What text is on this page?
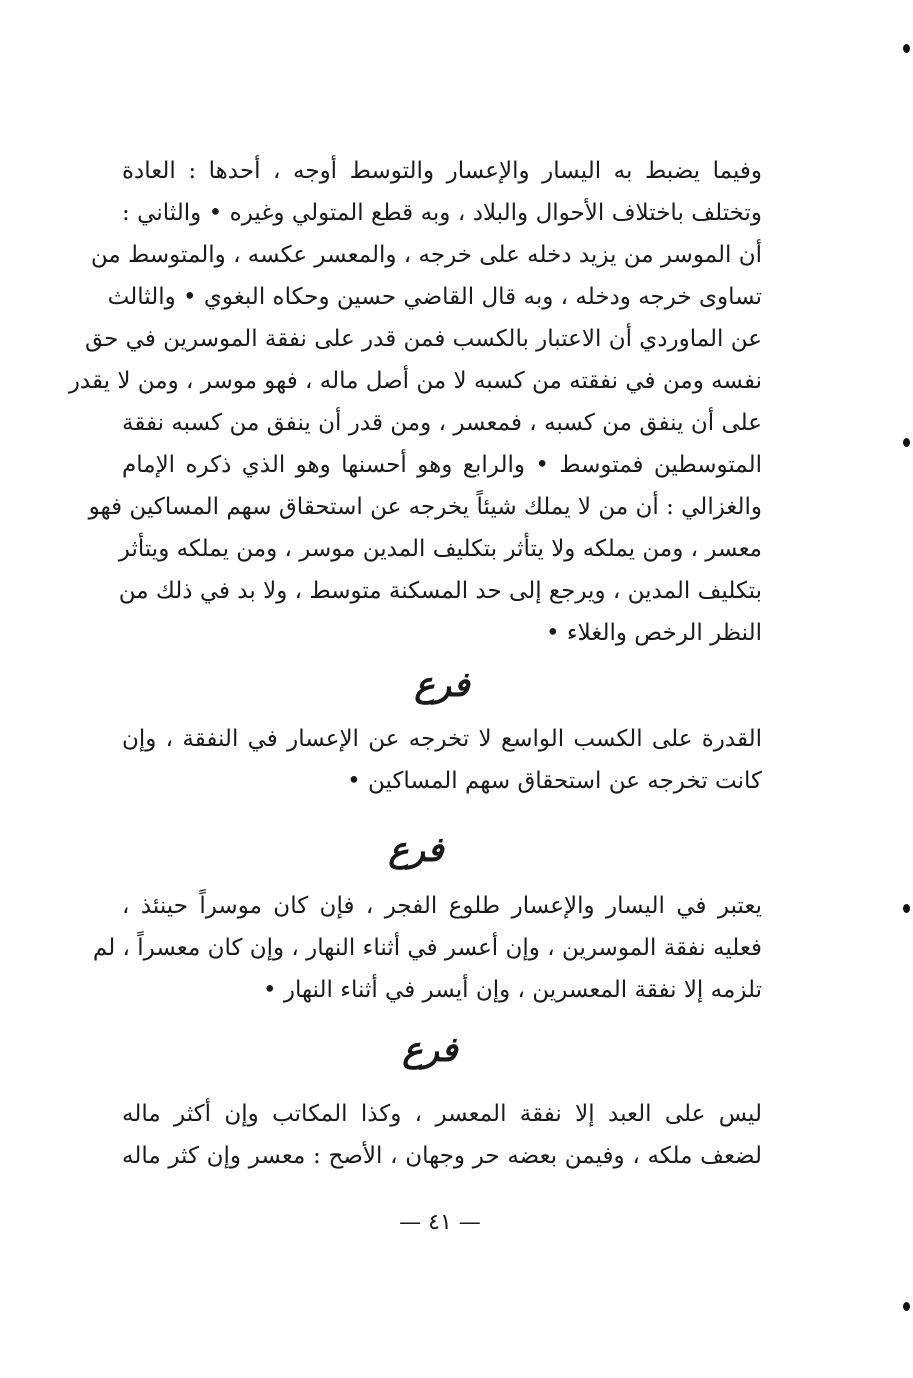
وفيما يضبط به اليسار والإعسار والتوسط أوجه ، أحدها : العادة
وتختلف باختلاف الأحوال والبلاد ، وبه قطع المتولي وغيره • والثاني :
أن الموسر من يزيد دخله على خرجه ، والمعسر عكسه ، والمتوسط من
تساوى خرجه ودخله ، وبه قال القاضي حسين وحكاه البغوي • والثالث
عن الماوردي أن الاعتبار بالكسب فمن قدر على نفقة الموسرين في حق
نفسه ومن في نفقته من كسبه لا من أصل ماله ، فهو موسر ، ومن لا يقدر
على أن ينفق من كسبه ، فمعسر ، ومن قدر أن ينفق من كسبه نفقة
المتوسطين فمتوسط • والرابع وهو أحسنها وهو الذي ذكره الإمام
والغزالي : أن من لا يملك شيئاً يخرجه عن استحقاق سهم المساكين فهو
معسر ، ومن يملكه ولا يتأثر بتكليف المدين موسر ، ومن يملكه ويتأثر
بتكليف المدين ، ويرجع إلى حد المسكنة متوسط ، ولا بد في ذلك من
النظر الرخص والغلاء •
فرع
القدرة على الكسب الواسع لا تخرجه عن الإعسار في النفقة ، وإن
كانت تخرجه عن استحقاق سهم المساكين •
فرع
يعتبر في اليسار والإعسار طلوع الفجر ، فإن كان موسراً حينئذ ،
فعليه نفقة الموسرين ، وإن أعسر في أثناء النهار ، وإن كان معسراً ، لم
تلزمه إلا نفقة المعسرين ، وإن أيسر في أثناء النهار •
فرع
ليس على العبد إلا نفقة المعسر ، وكذا المكاتب وإن أكثر ماله
لضعف ملكه ، وفيمن بعضه حر وجهان ، الأصح : معسر وإن كثر ماله
— ٤١ —
